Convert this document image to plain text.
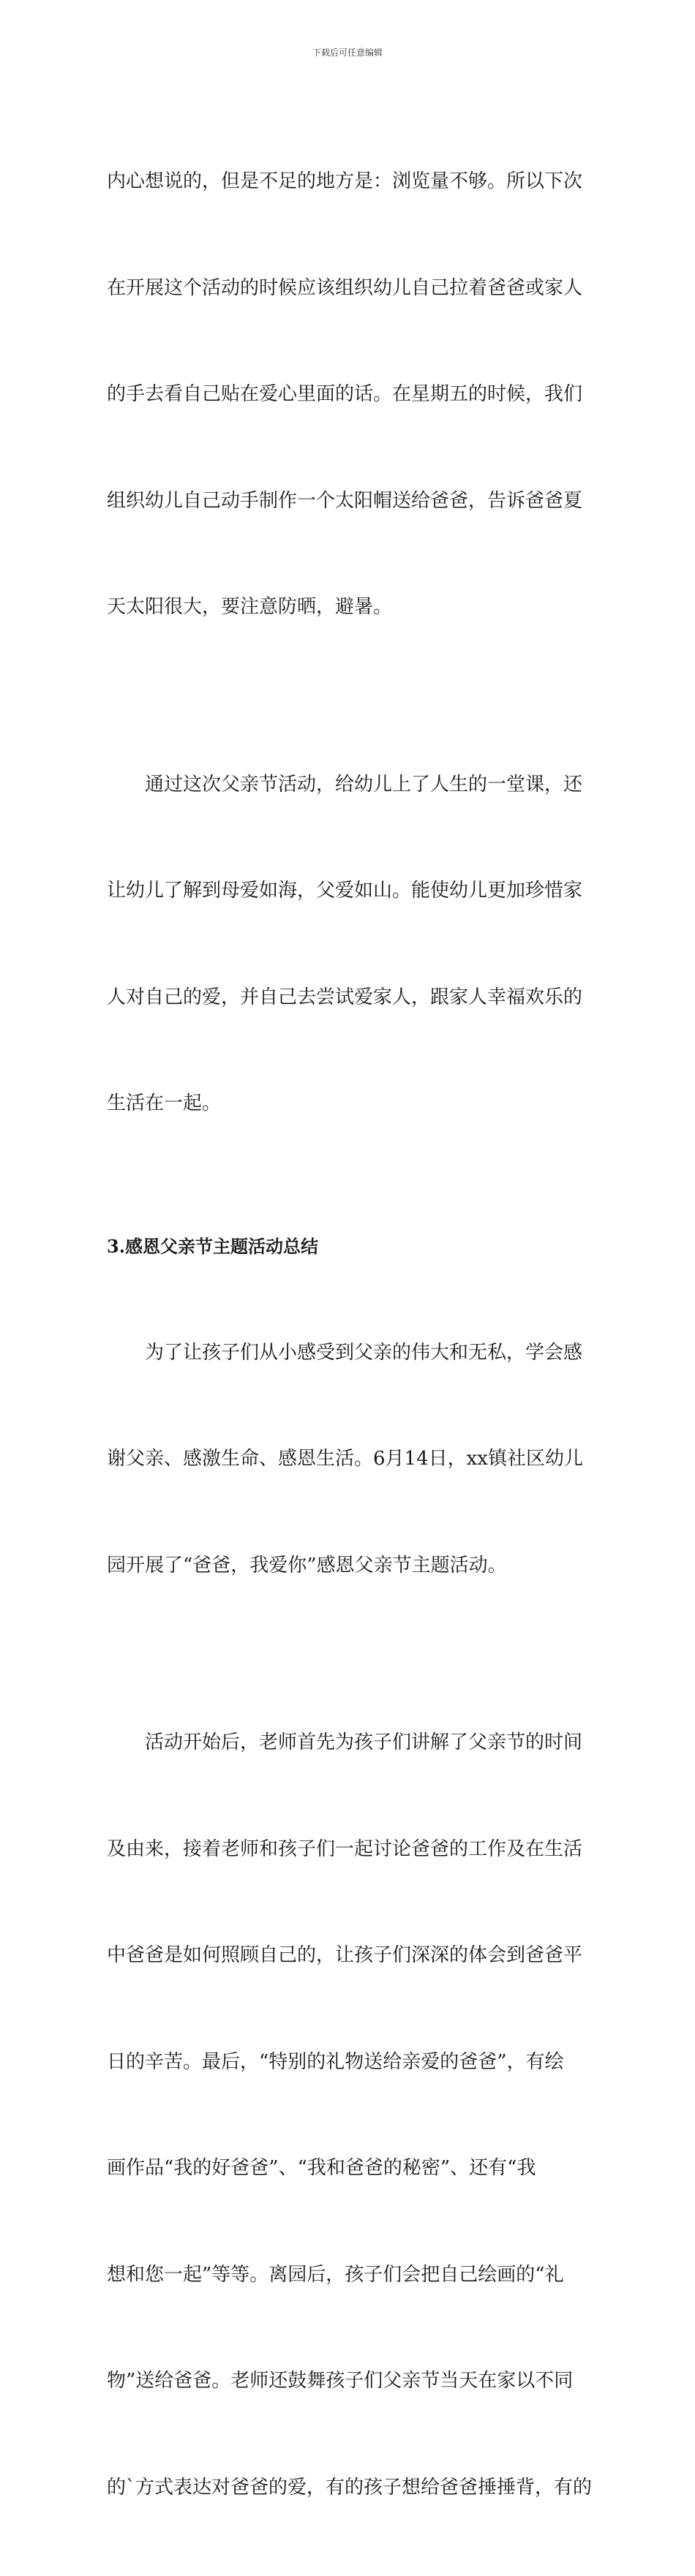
下载后可任意编辑

内心想说的，但是不足的地方是：浏览量不够。所以下次

在开展这个活动的时候应该组织幼儿自己拉着爸爸或家人

的手去看自己贴在爱心里面的话。在星期五的时候，我们

组织幼儿自己动手制作一个太阳帽送给爸爸，告诉爸爸夏

天太阳很大，要注意防晒，避暑。

通过这次父亲节活动，给幼儿上了人生的一堂课，还

让幼儿了解到母爱如海，父爱如山。能使幼儿更加珍惜家

人对自己的爱，并自己去尝试爱家人，跟家人幸福欢乐的

生活在一起。

3.感恩父亲节主题活动总结

为了让孩子们从小感受到父亲的伟大和无私，学会感

谢父亲、感激生命、感恩生活。6月14日，xx镇社区幼儿

园开展了“爸爸，我爱你”感恩父亲节主题活动。

活动开始后，老师首先为孩子们讲解了父亲节的时间

及由来，接着老师和孩子们一起讨论爸爸的工作及在生活

中爸爸是如何照顾自己的，让孩子们深深的体会到爸爸平

日的辛苦。最后，“特别的礼物送给亲爱的爸爸”，有绘

画作品“我的好爸爸”、“我和爸爸的秘密”、还有“我

想和您一起”等等。离园后，孩子们会把自己绘画的“礼

物”送给爸爸。老师还鼓舞孩子们父亲节当天在家以不同

的`方式表达对爸爸的爱，有的孩子想给爸爸捶捶背，有的
